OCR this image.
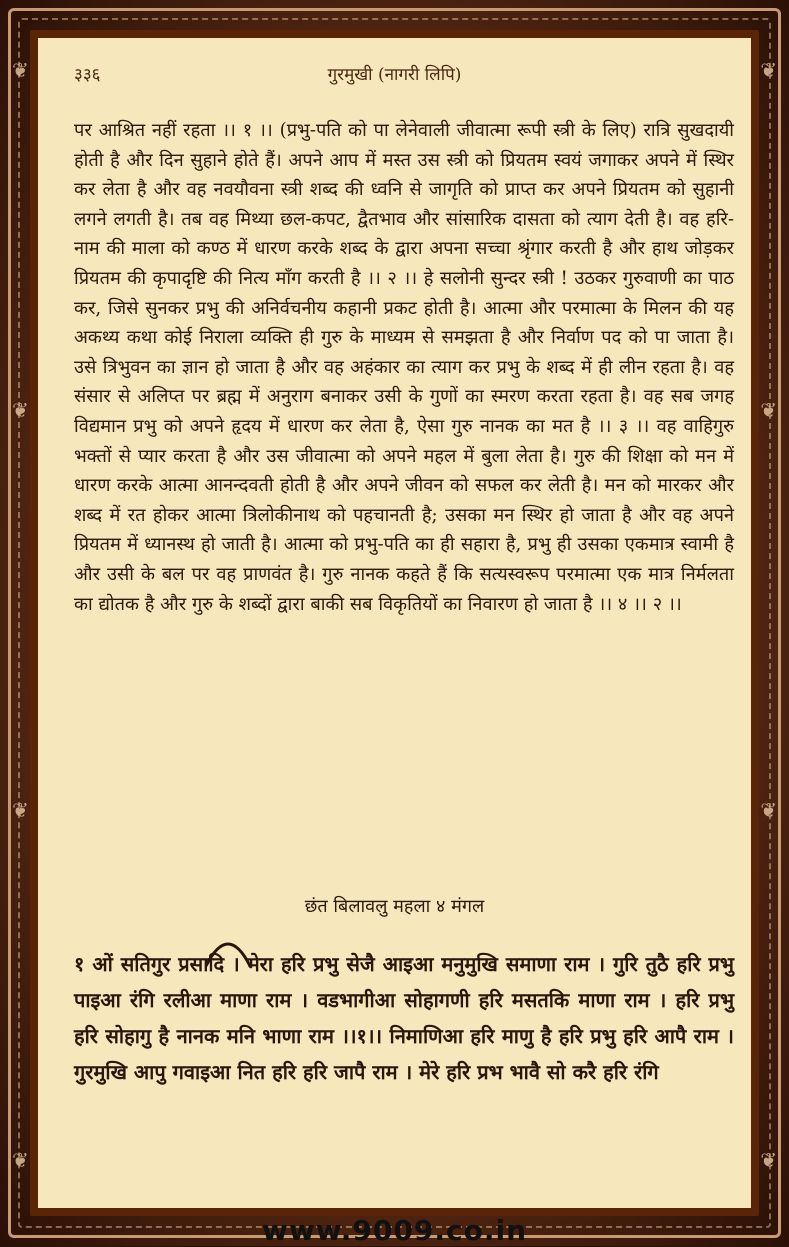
❦
❦
❦
❦
❦
❦
❦	❦
३३६	गुरमुखी (नागरी लिपि)

पर आश्रित नहीं रहता ।। १ ।। (प्रभु-पति को पा लेनेवाली जीवात्मा रूपी स्त्री के लिए) रात्रि सुखदायी होती है और दिन सुहाने होते हैं। अपने आप में मस्त उस स्त्री को प्रियतम स्वयं जगाकर अपने में स्थिर कर लेता है और वह नवयौवना स्त्री शब्द की ध्वनि से जागृति को प्राप्त कर अपने प्रियतम को सुहानी लगने लगती है। तब वह मिथ्या छल-कपट, द्वैतभाव और सांसारिक दासता को त्याग देती है। वह हरि-नाम की माला को कण्ठ में धारण करके शब्द के द्वारा अपना सच्चा श्रृंगार करती है और हाथ जोड़कर प्रियतम की कृपादृष्टि की नित्य माँग करती है ।। २ ।। हे सलोनी सुन्दर स्त्री ! उठकर गुरुवाणी का पाठ कर, जिसे सुनकर प्रभु की अनिर्वचनीय कहानी प्रकट होती है। आत्मा और परमात्मा के मिलन की यह अकथ्य कथा कोई निराला व्यक्ति ही गुरु के माध्यम से समझता है और निर्वाण पद को पा जाता है। उसे त्रिभुवन का ज्ञान हो जाता है और वह अहंकार का त्याग कर प्रभु के शब्द में ही लीन रहता है। वह संसार से अलिप्त पर ब्रह्म में अनुराग बनाकर उसी के गुणों का स्मरण करता रहता है। वह सब जगह विद्यमान प्रभु को अपने हृदय में धारण कर लेता है, ऐसा गुरु नानक का मत है ।। ३ ।। वह वाहिगुरु भक्तों से प्यार करता है और उस जीवात्मा को अपने महल में बुला लेता है। गुरु की शिक्षा को मन में धारण करके आत्मा आनन्दवती होती है और अपने जीवन को सफल कर लेती है। मन को मारकर और शब्द में रत होकर आत्मा त्रिलोकीनाथ को पहचानती है; उसका मन स्थिर हो जाता है और वह अपने प्रियतम में ध्यानस्थ हो जाती है। आत्मा को प्रभु-पति का ही सहारा है, प्रभु ही उसका एकमात्र स्वामी है और उसी के बल पर वह प्राणवंत है। गुरु नानक कहते हैं कि सत्यस्वरूप परमात्मा एक मात्र निर्मलता का द्योतक है और गुरु के शब्दों द्वारा बाकी सब विकृतियों का निवारण हो जाता है ।। ४ ।। २ ।।

छंत बिलावलु महला ४ मंगल

१ ओं सतिगुर प्रसादि । मेरा हरि प्रभु सेजै आइआ मनुमुखि समाणा राम । गुरि तुठै हरि प्रभु पाइआ रंगि रलीआ माणा राम । वडभागीआ सोहागणी हरि मसतकि माणा राम । हरि प्रभु हरि सोहागु है नानक मनि भाणा राम ।।१।। निमाणिआ हरि माणु है हरि प्रभु हरि आपै राम । गुरमुखि आपु गवाइआ नित हरि हरि जापै राम । मेरे हरि प्रभ भावै सो करै हरि रंगि

www.9009.co.in
